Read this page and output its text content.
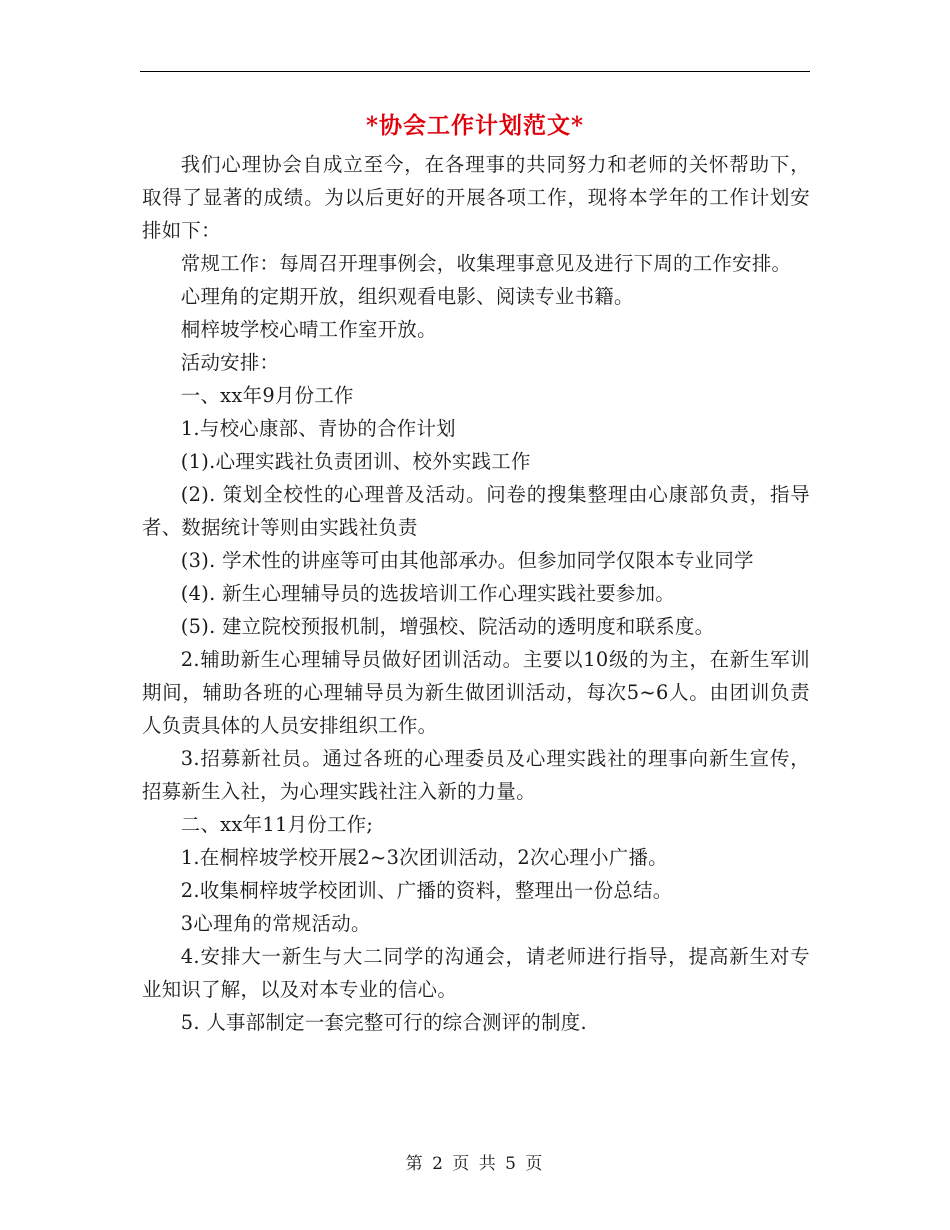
*协会工作计划范文*

我们心理协会自成立至今，在各理事的共同努力和老师的关怀帮助下，取得了显著的成绩。为以后更好的开展各项工作，现将本学年的工作计划安排如下：

常规工作：每周召开理事例会，收集理事意见及进行下周的工作安排。

心理角的定期开放，组织观看电影、阅读专业书籍。

桐梓坡学校心晴工作室开放。

活动安排：

一、xx年9月份工作

1.与校心康部、青协的合作计划

(1).心理实践社负责团训、校外实践工作

(2). 策划全校性的心理普及活动。问卷的搜集整理由心康部负责，指导者、数据统计等则由实践社负责

(3). 学术性的讲座等可由其他部承办。但参加同学仅限本专业同学

(4). 新生心理辅导员的选拔培训工作心理实践社要参加。

(5). 建立院校预报机制，增强校、院活动的透明度和联系度。

2.辅助新生心理辅导员做好团训活动。主要以10级的为主，在新生军训期间，辅助各班的心理辅导员为新生做团训活动，每次5~6人。由团训负责人负责具体的人员安排组织工作。

3.招募新社员。通过各班的心理委员及心理实践社的理事向新生宣传，招募新生入社，为心理实践社注入新的力量。

二、xx年11月份工作;

1.在桐梓坡学校开展2~3次团训活动，2次心理小广播。

2.收集桐梓坡学校团训、广播的资料，整理出一份总结。

3心理角的常规活动。

4.安排大一新生与大二同学的沟通会，请老师进行指导，提高新生对专业知识了解，以及对本专业的信心。

5. 人事部制定一套完整可行的综合测评的制度.

第 2 页 共 5 页
